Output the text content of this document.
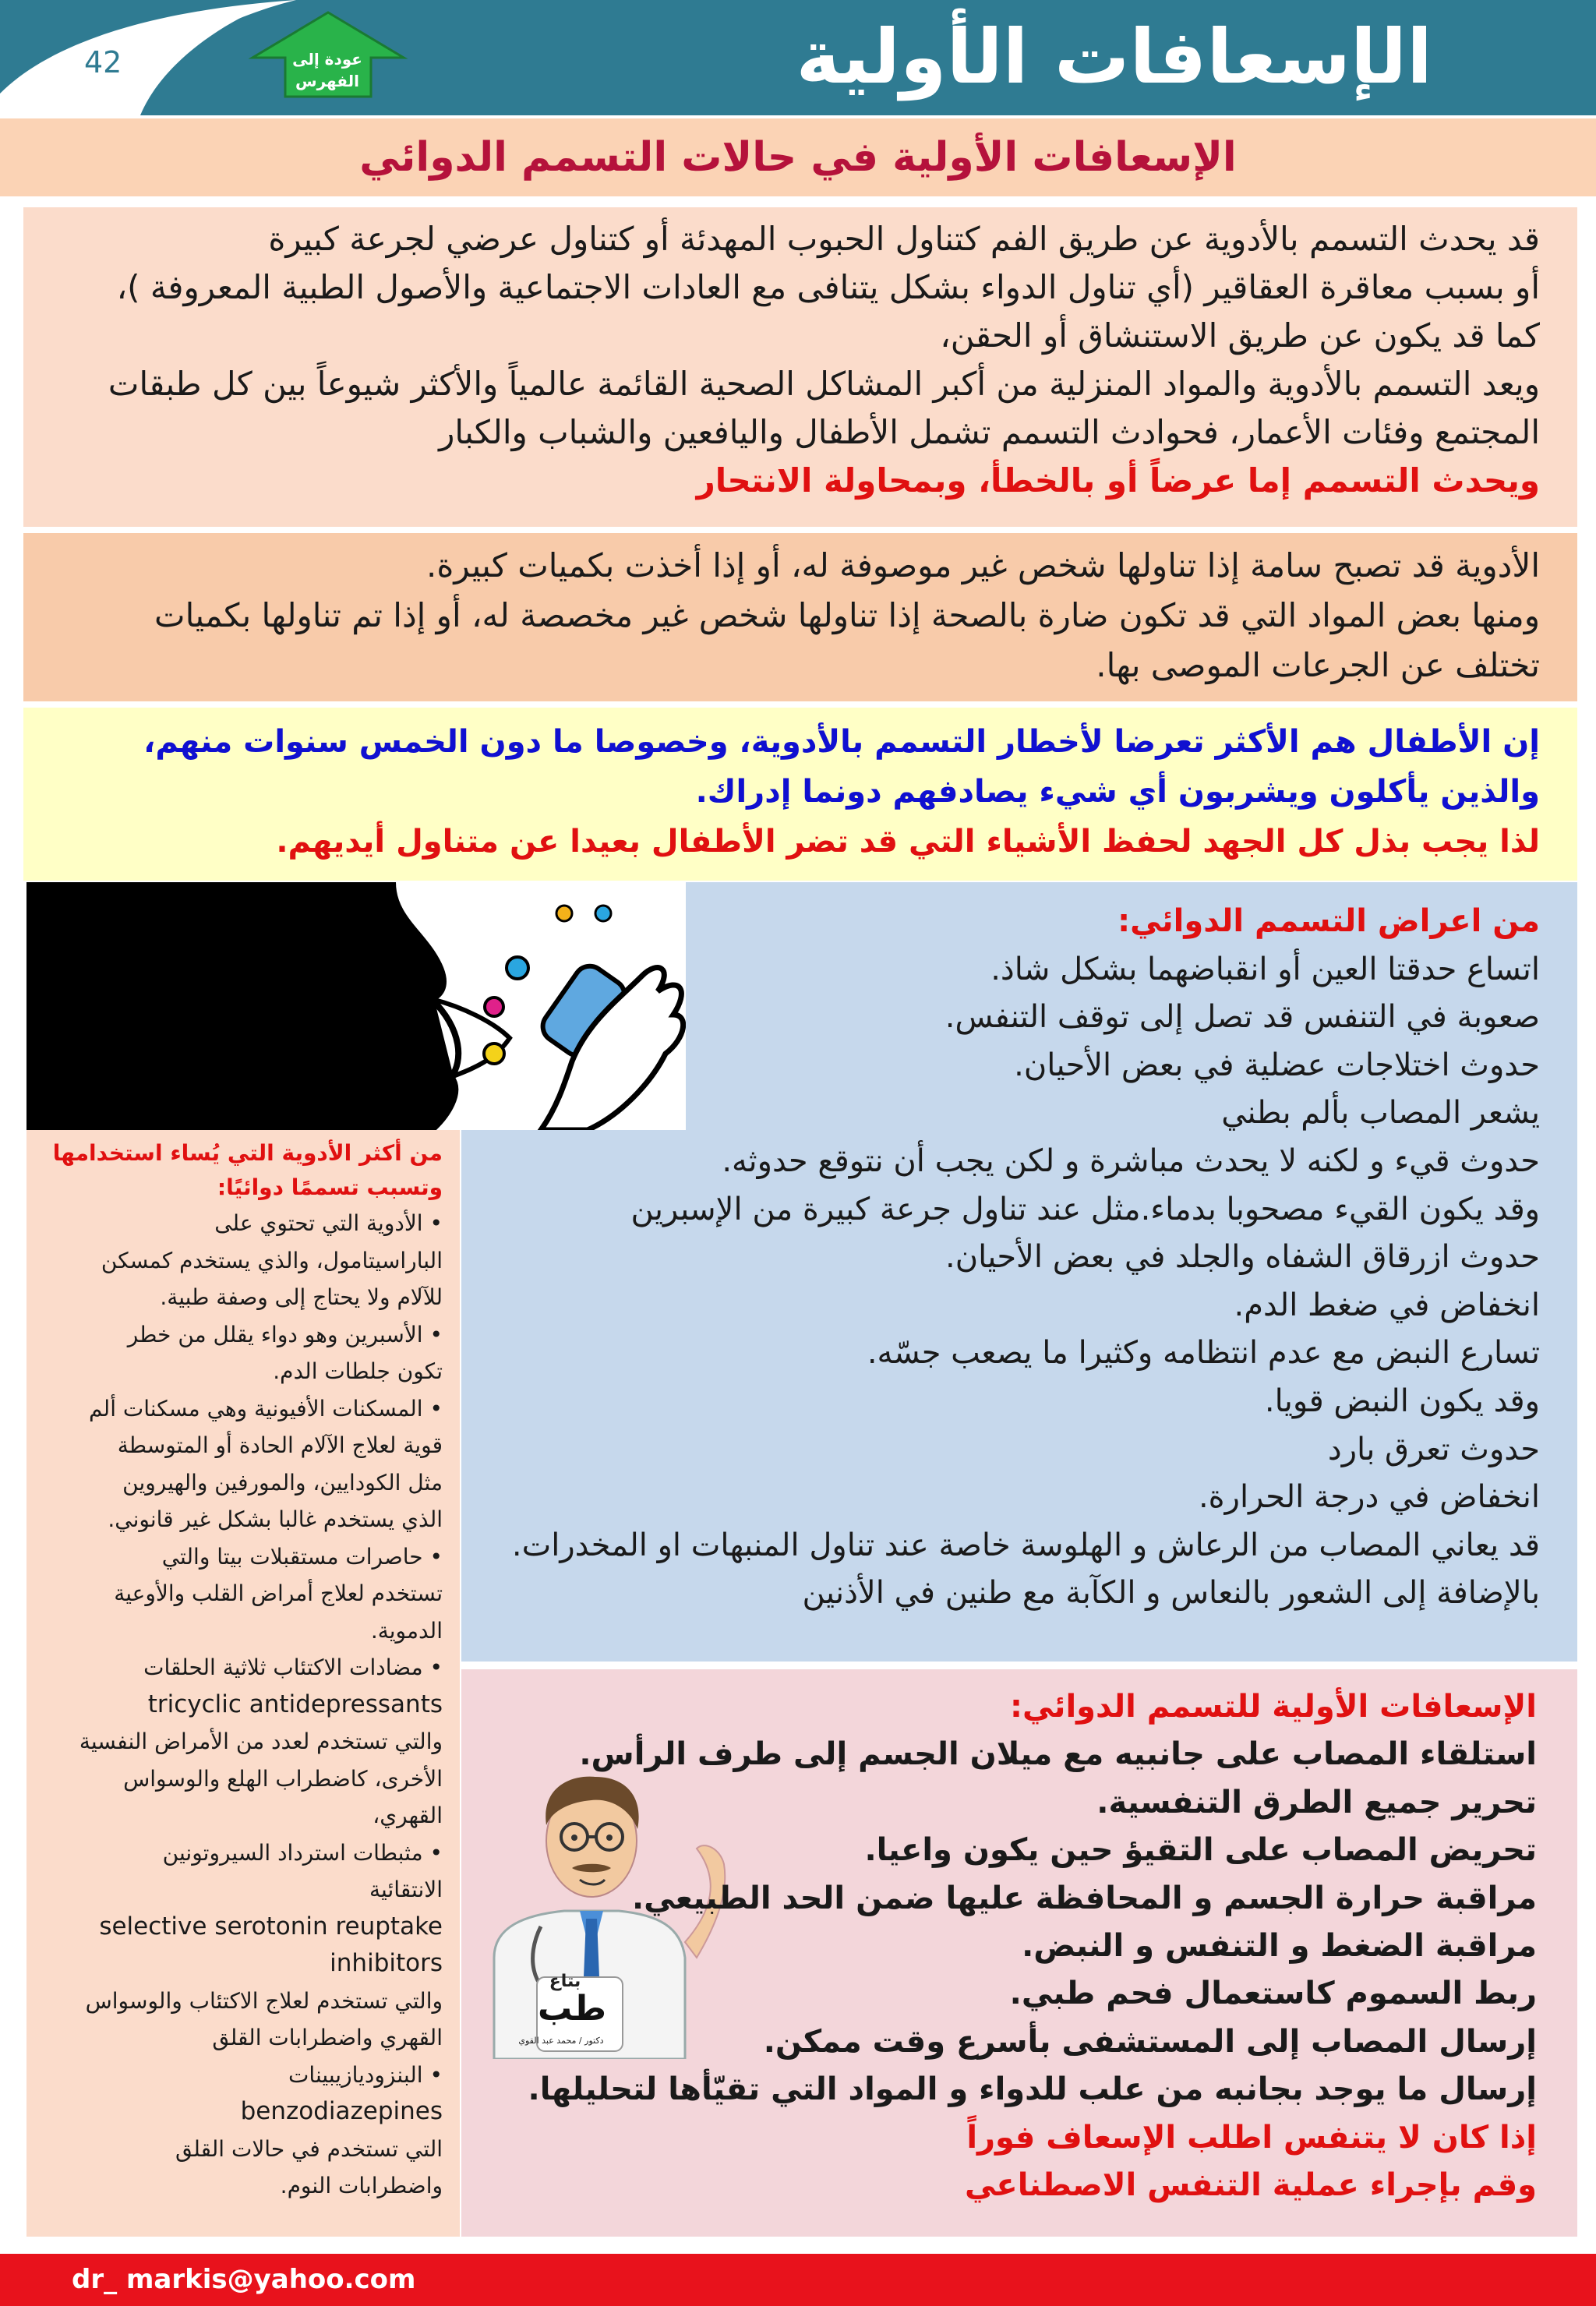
42	عودة إلى
الفهرس	الإسعافات الأولية
الإسعافات الأولية في حالات التسمم الدوائي
قد يحدث التسمم بالأدوية عن طريق الفم كتناول الحبوب المهدئة أو كتناول عرضي لجرعة كبيرة
أو بسبب معاقرة العقاقير (أي تناول الدواء بشكل يتنافى مع العادات الاجتماعية والأصول الطبية المعروفة )،
كما قد يكون عن طريق الاستنشاق أو الحقن،
ويعد التسمم بالأدوية والمواد المنزلية من أكبر المشاكل الصحية القائمة عالمياً والأكثر شيوعاً بين كل طبقات
المجتمع وفئات الأعمار، فحوادث التسمم تشمل الأطفال واليافعين والشباب والكبار
ويحدث التسمم إما عرضاً أو بالخطأ، وبمحاولة الانتحار
الأدوية قد تصبح سامة إذا تناولها شخص غير موصوفة له، أو إذا أخذت بكميات كبيرة.
ومنها بعض المواد التي قد تكون ضارة بالصحة إذا تناولها شخص غير مخصصة له، أو إذا تم تناولها بكميات
تختلف عن الجرعات الموصى بها.
إن الأطفال هم الأكثر تعرضا لأخطار التسمم بالأدوية، وخصوصا ما دون الخمس سنوات منهم،
والذين يأكلون ويشربون أي شيء يصادفهم دونما إدراك.
لذا يجب بذل كل الجهد لحفظ الأشياء التي قد تضر الأطفال بعيدا عن متناول أيديهم.
من اعراض التسمم الدوائي:
اتساع حدقتا العين أو انقباضهما بشكل شاذ.
صعوبة في التنفس قد تصل إلى توقف التنفس.
حدوث اختلاجات عضلية في بعض الأحيان.
يشعر المصاب بألم بطني
حدوث قيء و لكنه لا يحدث مباشرة و لكن يجب أن نتوقع حدوثه.
وقد يكون القيء مصحوبا بدماء.مثل عند تناول جرعة كبيرة من الإسبرين
حدوث ازرقاق الشفاه والجلد في بعض الأحيان.
انخفاض في ضغط الدم.
تسارع النبض مع عدم انتظامه وكثيرا ما يصعب جسّه.
وقد يكون النبض قويا.
حدوث تعرق بارد
انخفاض في درجة الحرارة.
قد يعاني المصاب من الرعاش و الهلوسة خاصة عند تناول المنبهات او المخدرات.
بالإضافة إلى الشعور بالنعاس و الكآبة مع طنين في الأذنين
من أكثر الأدوية التي يُساء استخدامها
وتسبب تسممًا دوائيًا:
• الأدوية التي تحتوي على
الباراسيتامول، والذي يستخدم كمسكن
للآلام ولا يحتاج إلى وصفة طبية.
• الأسبرين وهو دواء يقلل من خطر
تكون جلطات الدم.
• المسكنات الأفيونية وهي مسكنات ألم
قوية لعلاج الآلام الحادة أو المتوسطة
مثل الكودايين، والمورفين والهيروين
الذي يستخدم غالبا بشكل غير قانوني.
• حاصرات مستقبلات بيتا والتي
تستخدم لعلاج أمراض القلب والأوعية
الدموية.
• مضادات الاكتئاب ثلاثية الحلقات
tricyclic antidepressants
والتي تستخدم لعدد من الأمراض النفسية
الأخرى، كاضطراب الهلع والوسواس
القهري،
• مثبطات استرداد السيروتونين
الانتقائية
selective serotonin reuptake
inhibitors
والتي تستخدم لعلاج الاكتئاب والوسواس
القهري واضطرابات القلق
• البنزوديازيبينات
benzodiazepines
التي تستخدم في حالات القلق
واضطرابات النوم.
بتاع
طب
دكتور / محمد عبد القوي
الإسعافات الأولية للتسمم الدوائي:
استلقاء المصاب على جانبيه مع ميلان الجسم إلى طرف الرأس.
تحرير جميع الطرق التنفسية.
تحريض المصاب على التقيؤ حين يكون واعيا.
مراقبة حرارة الجسم و المحافظة عليها ضمن الحد الطبيعي.
مراقبة الضغط و التنفس و النبض.
ربط السموم كاستعمال فحم طبي.
إرسال المصاب إلى المستشفى بأسرع وقت ممكن.
إرسال ما يوجد بجانبه من علب للدواء و المواد التي تقيّأها لتحليلها.
إذا كان لا يتنفس اطلب الإسعاف فوراً
وقم بإجراء عملية التنفس الاصطناعي
dr_ markis@yahoo.com
